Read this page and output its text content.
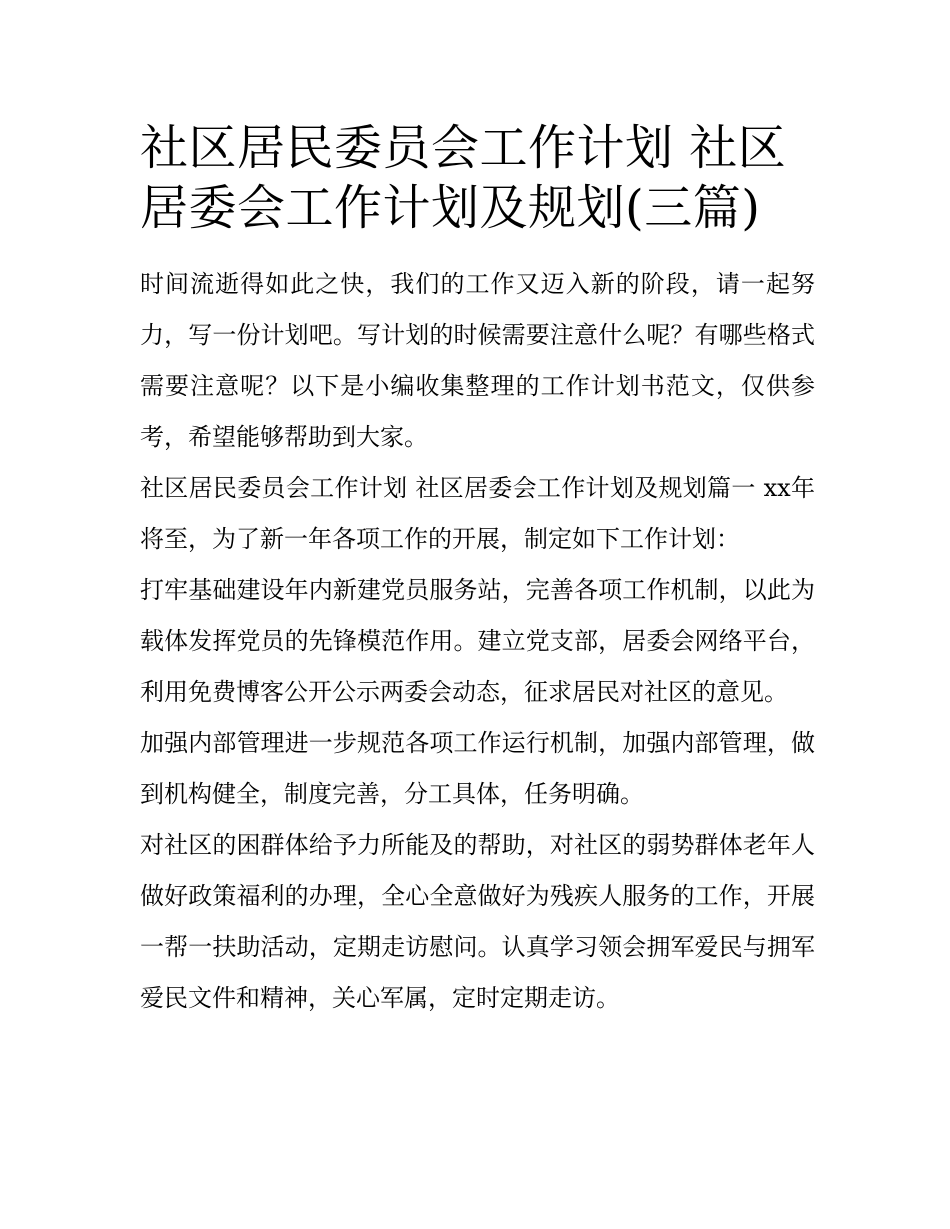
社区居民委员会工作计划 社区居委会工作计划及规划(三篇)

时间流逝得如此之快，我们的工作又迈入新的阶段，请一起努力，写一份计划吧。写计划的时候需要注意什么呢？有哪些格式需要注意呢？以下是小编收集整理的工作计划书范文，仅供参考，希望能够帮助到大家。

社区居民委员会工作计划 社区居委会工作计划及规划篇一 xx年将至，为了新一年各项工作的开展，制定如下工作计划：

打牢基础建设年内新建党员服务站，完善各项工作机制，以此为载体发挥党员的先锋模范作用。建立党支部，居委会网络平台，利用免费博客公开公示两委会动态，征求居民对社区的意见。

加强内部管理进一步规范各项工作运行机制，加强内部管理，做到机构健全，制度完善，分工具体，任务明确。

对社区的困群体给予力所能及的帮助，对社区的弱势群体老年人做好政策福利的办理，全心全意做好为残疾人服务的工作，开展一帮一扶助活动，定期走访慰问。认真学习领会拥军爱民与拥军爱民文件和精神，关心军属，定时定期走访。
